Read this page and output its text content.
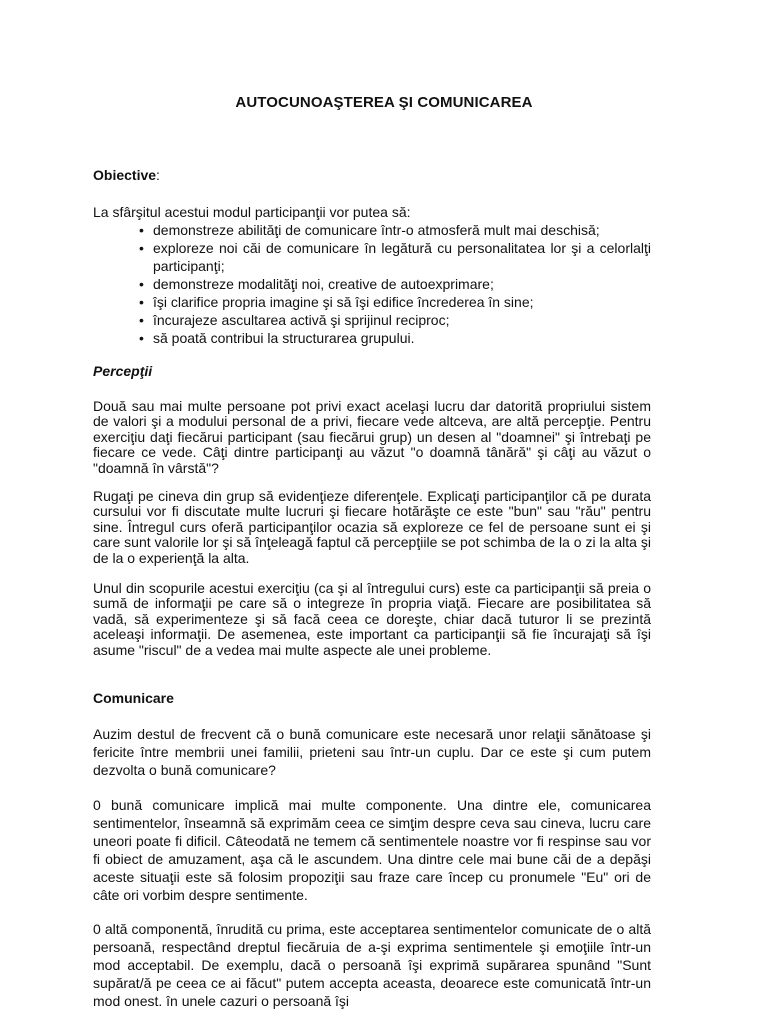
AUTOCUNOAŞTEREA ŞI COMUNICAREA
Obiective:
La sfârşitul acestui modul participanţii vor putea să:
• demonstreze abilităţi de comunicare într-o atmosferă mult mai deschisă;
• exploreze noi căi de comunicare în legătură cu personalitatea lor şi a celorlalţi participanţi;
• demonstreze modalităţi noi, creative de autoexprimare;
• îşi clarifice propria imagine şi să îşi edifice încrederea în sine;
• încurajeze ascultarea activă şi sprijinul reciproc;
• să poată contribui la structurarea grupului.
Percepţii
Două sau mai multe persoane pot privi exact acelaşi lucru dar datorită propriului sistem de valori şi a modului personal de a privi, fiecare vede altceva, are altă percepţie. Pentru exerciţiu daţi fiecărui participant (sau fiecărui grup) un desen al "doamnei" şi întrebaţi pe fiecare ce vede. Câţi dintre participanţi au văzut "o doamnă tânără" şi câţi au văzut o "doamnă în vârstă"?
Rugaţi pe cineva din grup să evidenţieze diferenţele. Explicaţi participanţilor că pe durata cursului vor fi discutate multe lucruri şi fiecare hotărăşte ce este "bun" sau "rău" pentru sine. Întregul curs oferă participanţilor ocazia să exploreze ce fel de persoane sunt ei şi care sunt valorile lor şi să înţeleagă faptul că percepţiile se pot schimba de la o zi la alta şi de la o experienţă la alta.
Unul din scopurile acestui exerciţiu (ca şi al întregului curs) este ca participanţii să preia o sumă de informaţii pe care să o integreze în propria viaţă. Fiecare are posibilitatea să vadă, să experimenteze şi să facă ceea ce doreşte, chiar dacă tuturor li se prezintă aceleaşi informaţii. De asemenea, este important ca participanţii să fie încurajaţi să îşi asume "riscul" de a vedea mai multe aspecte ale unei probleme.
Comunicare
Auzim destul de frecvent că o bună comunicare este necesară unor relaţii sănătoase şi fericite între membrii unei familii, prieteni sau într-un cuplu. Dar ce este şi cum putem dezvolta o bună comunicare?
0 bună comunicare implică mai multe componente. Una dintre ele, comunicarea sentimentelor, înseamnă să exprimăm ceea ce simţim despre ceva sau cineva, lucru care uneori poate fi dificil. Câteodată ne temem că sentimentele noastre vor fi respinse sau vor fi obiect de amuzament, aşa că le ascundem. Una dintre cele mai bune căi de a depăşi aceste situaţii este să folosim propoziţii sau fraze care încep cu pronumele "Eu" ori de câte ori vorbim despre sentimente.
0 altă componentă, înrudită cu prima, este acceptarea sentimentelor comunicate de o altă persoană, respectând dreptul fiecăruia de a-şi exprima sentimentele şi emoţiile într-un mod acceptabil. De exemplu, dacă o persoană îşi exprimă supărarea spunând "Sunt supărat/ă pe ceea ce ai făcut" putem accepta aceasta, deoarece este comunicată într-un mod onest. în unele cazuri o persoană îşi
